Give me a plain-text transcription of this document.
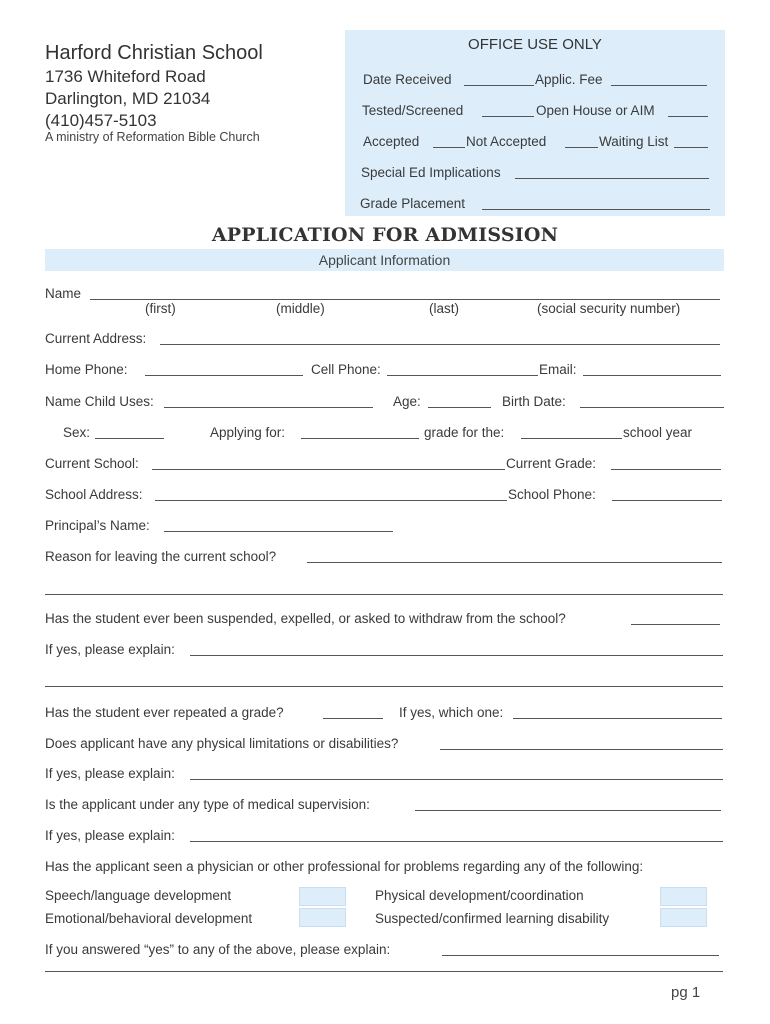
Harford Christian School
1736 Whiteford Road
Darlington, MD 21034
(410)457-5103
A ministry of Reformation Bible Church
OFFICE USE ONLY
Date Received	Applic. Fee
Tested/Screened	Open House or AIM
Accepted	Not Accepted	Waiting List
Special Ed Implications
Grade Placement
APPLICATION FOR ADMISSION
Applicant Information
Name
(first)	(middle)	(last)	(social security number)
Current Address:
Home Phone:	Cell Phone:	Email:
Name Child Uses:	Age:	Birth Date:
Sex:	Applying for:	grade for the:	school year
Current School:	Current Grade:
School Address:	School Phone:
Principal’s Name:
Reason for leaving the current school?
Has the student ever been suspended, expelled, or asked to withdraw from the school?
If yes, please explain:
Has the student ever repeated a grade?	If yes, which one:
Does applicant have any physical limitations or disabilities?
If yes, please explain:
Is the applicant under any type of medical supervision:
If yes, please explain:
Has the applicant seen a physician or other professional for problems regarding any of the following:
Speech/language development	Physical development/coordination
Emotional/behavioral development	Suspected/confirmed learning disability
If you answered “yes” to any of the above, please explain:
pg 1
